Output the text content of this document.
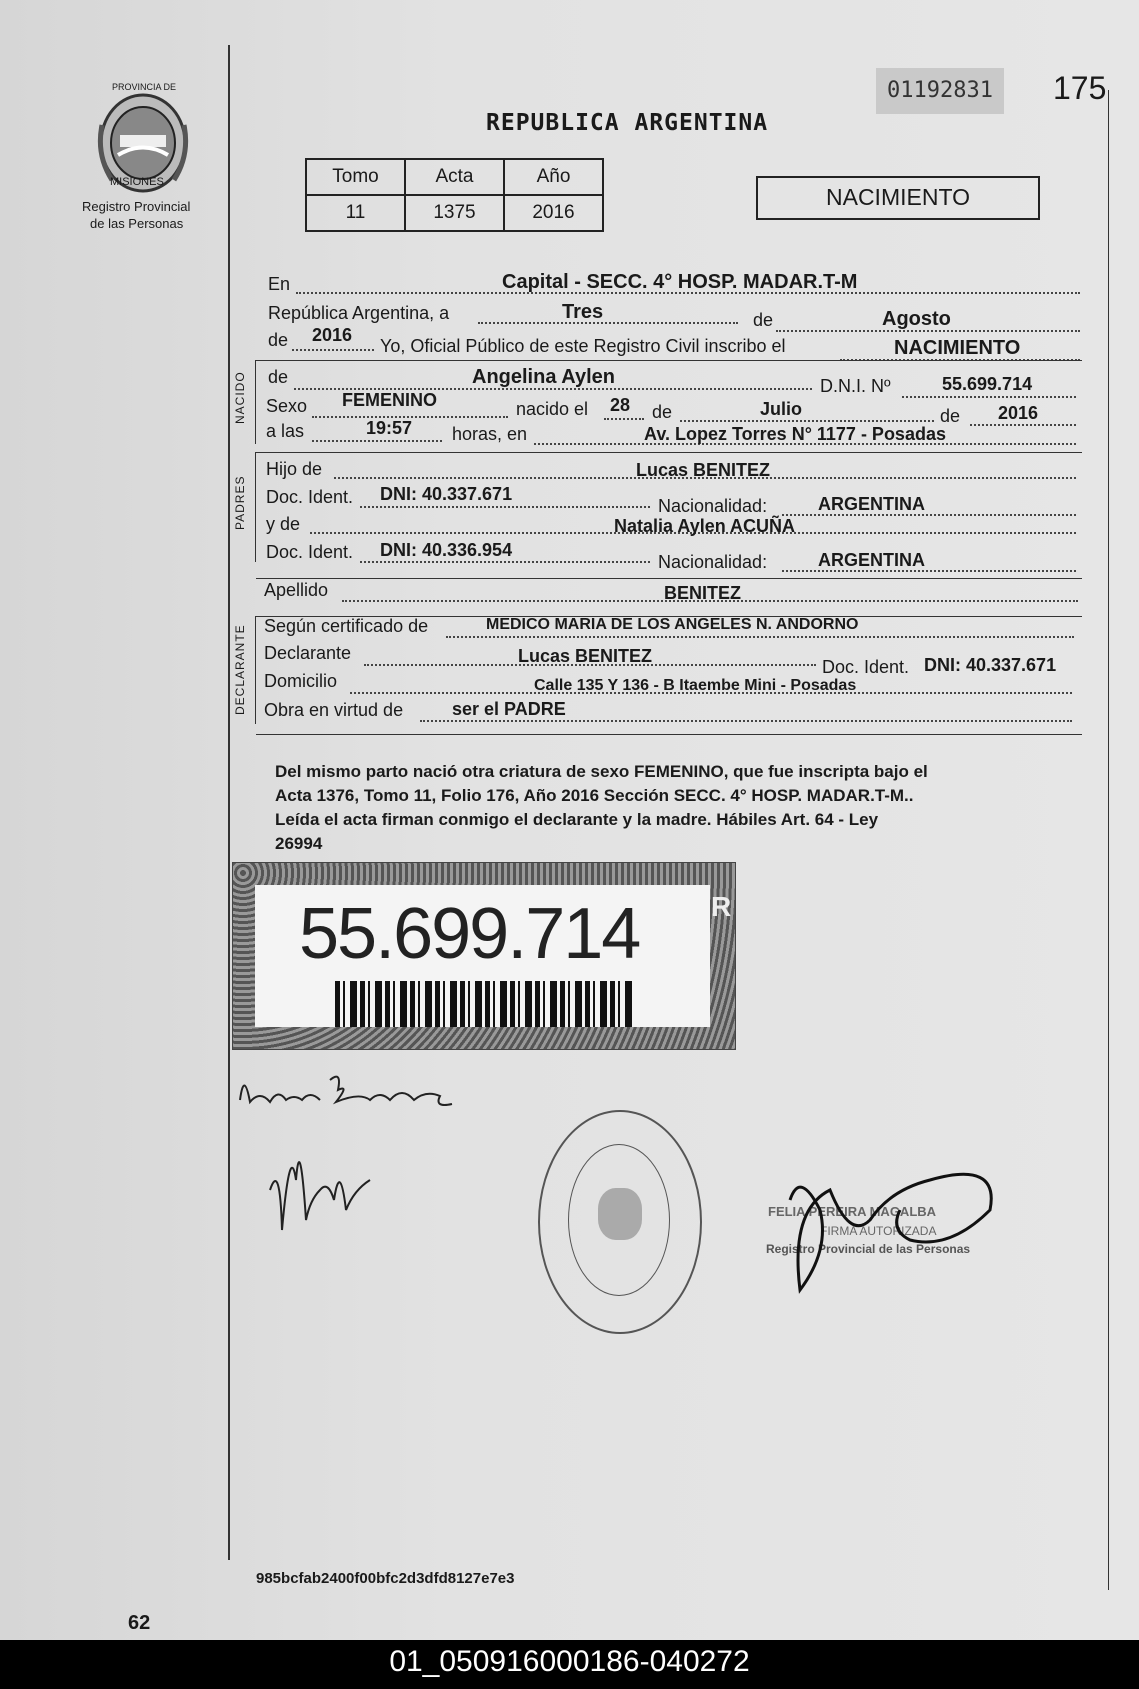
PROVINCIA DE
MISIONES
Registro Provincial
de las Personas
01192831	175
REPUBLICA ARGENTINA
Tomo	Acta	Año
11	1375	2016
NACIMIENTO
En	Capital - SECC. 4° HOSP. MADAR.T-M
República Argentina, a	Tres	de	Agosto
de 2016
Yo, Oficial Público de este Registro Civil inscribo el	NACIMIENTO
NACIDO de	Angelina Aylen	D.N.I. Nº	55.699.714
Sexo FEMENINO	nacido el 28 de	Julio	de 2016
a las	19:57 horas, en	Av. Lopez Torres N° 1177 - Posadas
PADRES
Hijo de	Lucas BENITEZ
Doc. Ident. DNI: 40.337.671
Nacionalidad:	ARGENTINA
y de	Natalia Aylen ACUÑA
Doc. Ident. DNI: 40.336.954
Nacionalidad:	ARGENTINA
Apellido	BENITEZ
DECLARANTE Según certificado de	MEDICO MARIA DE LOS ANGELES N. ANDORNO
Declarante	Lucas BENITEZ
Doc. Ident. DNI: 40.337.671
Domicilio	Calle 135 Y 136 - B Itaembe Mini - Posadas
Obra en virtud de	ser el PADRE
Del mismo parto nació otra criatura de sexo FEMENINO, que fue inscripta bajo el
Acta 1376, Tomo 11, Folio 176, Año 2016 Sección SECC. 4° HOSP. MADAR.T-M..
Leída el acta firman conmigo el declarante y la madre. Hábiles Art. 64 - Ley
26994
55.699.714	R
FELIA PEREIRA MAGALBA
FIRMA AUTORIZADA
Registro Provincial de las Personas
985bcfab2400f00bfc2d3dfd8127e7e3
62
01_050916000186-040272
